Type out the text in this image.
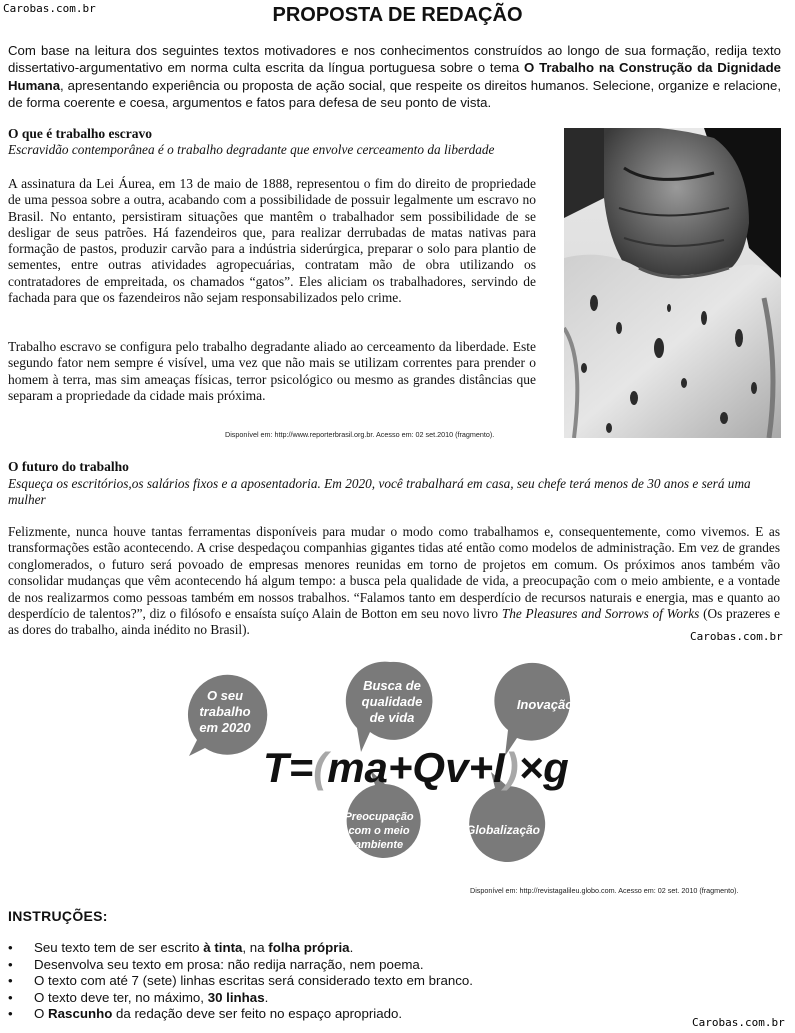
Carobas.com.br	PROPOSTA DE REDAÇÃO

Com base na leitura dos seguintes textos motivadores e nos conhecimentos construídos ao longo de sua formação, redija texto dissertativo-argumentativo em norma culta escrita da língua portuguesa sobre o tema O Trabalho na Construção da Dignidade Humana, apresentando experiência ou proposta de ação social, que respeite os direitos humanos. Selecione, organize e relacione, de forma coerente e coesa, argumentos e fatos para defesa de seu ponto de vista.

O que é trabalho escravo
Escravidão contemporânea é o trabalho degradante que envolve cerceamento da liberdade

A assinatura da Lei Áurea, em 13 de maio de 1888, representou o fim do direito de propriedade de uma pessoa sobre a outra, acabando com a possibilidade de possuir legalmente um escravo no Brasil. No entanto, persistiram situações que mantêm o trabalhador sem possibilidade de se desligar de seus patrões. Há fazendeiros que, para realizar derrubadas de matas nativas para formação de pastos, produzir carvão para a indústria siderúrgica, preparar o solo para plantio de sementes, entre outras atividades agropecuárias, contratam mão de obra utilizando os contratadores de empreitada, os chamados “gatos”. Eles aliciam os trabalhadores, servindo de fachada para que os fazendeiros não sejam responsabilizados pelo crime.

Trabalho escravo se configura pelo trabalho degradante aliado ao cerceamento da liberdade. Este segundo fator nem sempre é visível, uma vez que não mais se utilizam correntes para prender o homem à terra, mas sim ameaças físicas, terror psicológico ou mesmo as grandes distâncias que separam a propriedade da cidade mais próxima.

Disponível em: http://www.reporterbrasil.org.br. Acesso em: 02 set.2010 (fragmento).
O futuro do trabalho
Esqueça os escritórios,os salários fixos e a aposentadoria. Em 2020, você trabalhará em casa, seu chefe terá menos de 30 anos e será uma mulher

Felizmente, nunca houve tantas ferramentas disponíveis para mudar o modo como trabalhamos e, consequentemente, como vivemos. E as transformações estão acontecendo. A crise despedaçou companhias gigantes tidas até então como modelos de administração. Em vez de grandes conglomerados, o futuro será povoado de empresas menores reunidas em torno de projetos em comum. Os próximos anos também vão consolidar mudanças que vêm acontecendo há algum tempo: a busca pela qualidade de vida, a preocupação com o meio ambiente, e a vontade de nos realizarmos como pessoas também em nossos trabalhos. “Falamos tanto em desperdício de recursos naturais e energia, mas e quanto ao desperdício de talentos?”, diz o filósofo e ensaísta suíço Alain de Botton em seu novo livro The Pleasures and Sorrows of Works (Os prazeres e as dores do trabalho, ainda inédito no Brasil).	Carobas.com.br
O seu
trabalho
em 2020
Busca de
qualidade
de vida
Inovação
Preocupação
com o meio
ambiente
Globalização
T=(ma+Qv+I)×g
Disponível em: http://revistagalileu.globo.com. Acesso em: 02 set. 2010 (fragmento).
INSTRUÇÕES:
• Seu texto tem de ser escrito à tinta, na folha própria.
• Desenvolva seu texto em prosa: não redija narração, nem poema.
• O texto com até 7 (sete) linhas escritas será considerado texto em branco.
• O texto deve ter, no máximo, 30 linhas.
• O Rascunho da redação deve ser feito no espaço apropriado.
Carobas.com.br
